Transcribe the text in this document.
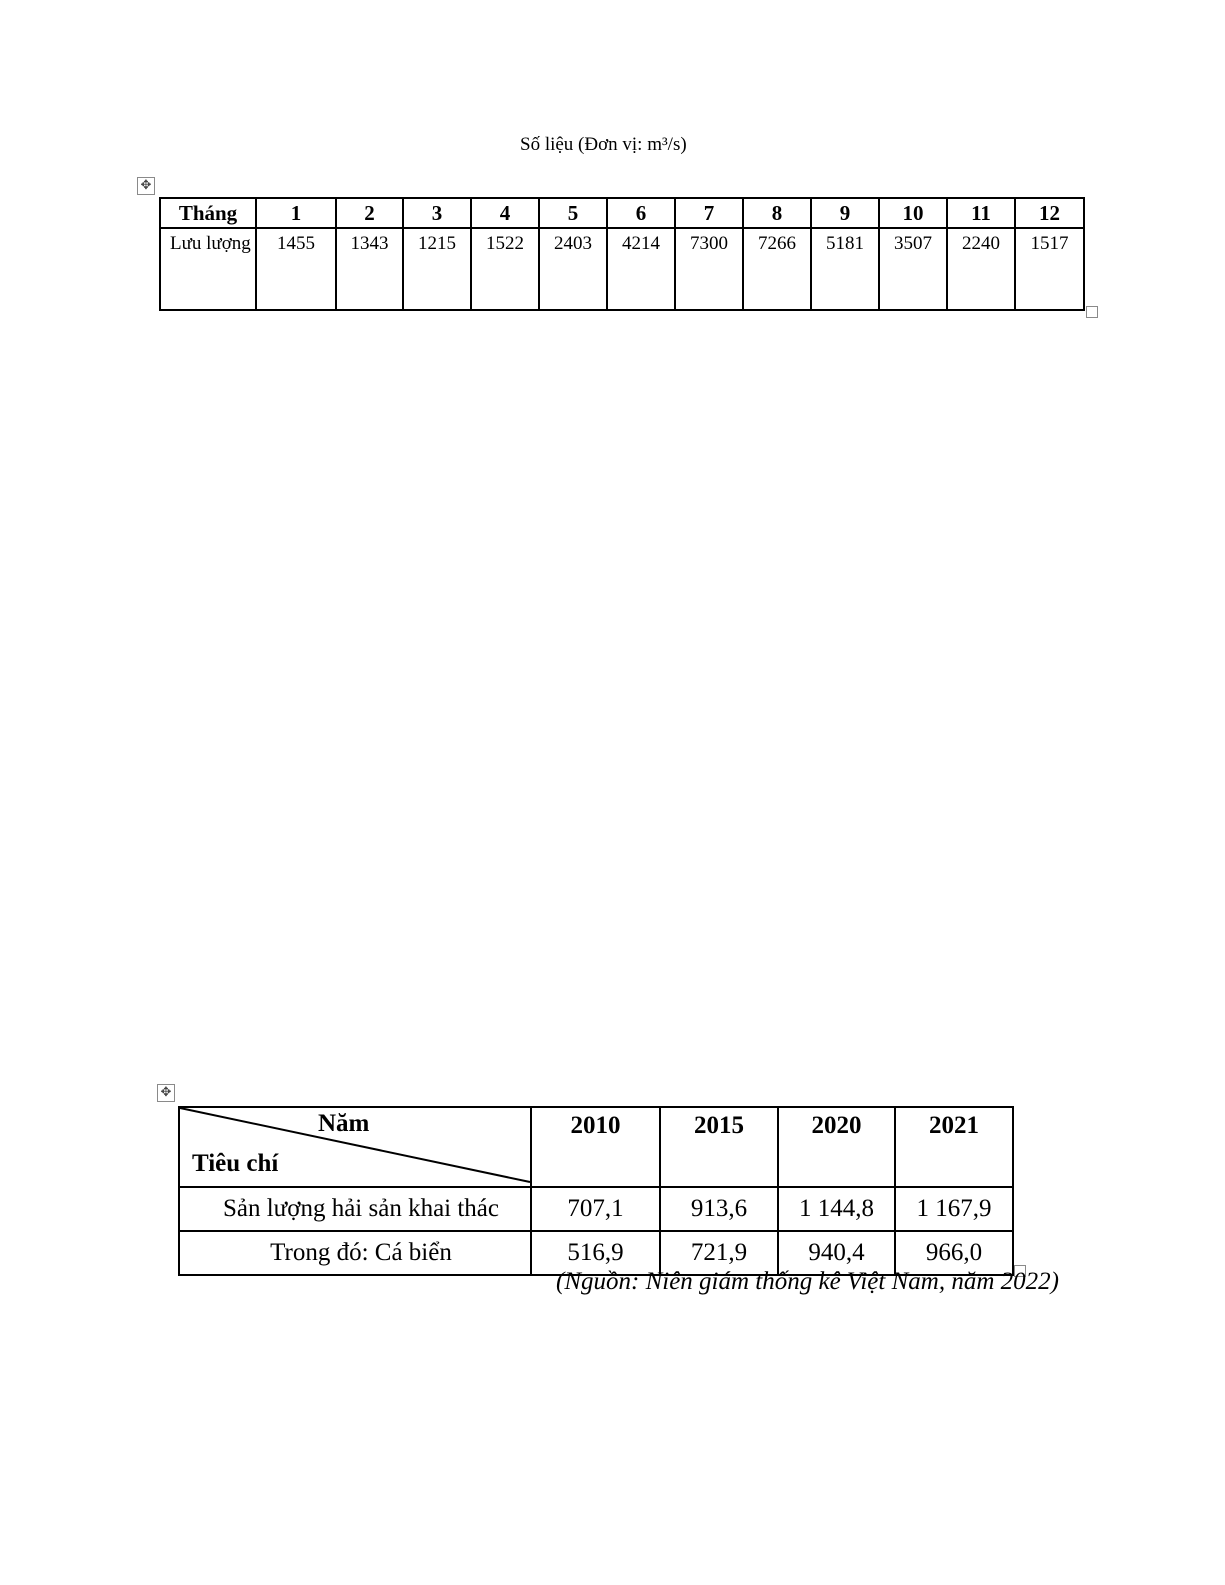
Số liệu (Đơn vị: m³/s)
✥
Tháng	1	2	3	4	5	6	7	8	9	10	11	12
Lưu lượng	1455	1343	1215	1522	2403	4214	7300	7266	5181	3507	2240	1517
✥
Năm
Tiêu chí	2010	2015	2020	2021
Sản lượng hải sản khai thác	707,1	913,6	1 144,8	1 167,9
Trong đó: Cá biển	516,9	721,9	940,4	966,0
(Nguồn: Niên giám thống kê Việt Nam, năm 2022)
